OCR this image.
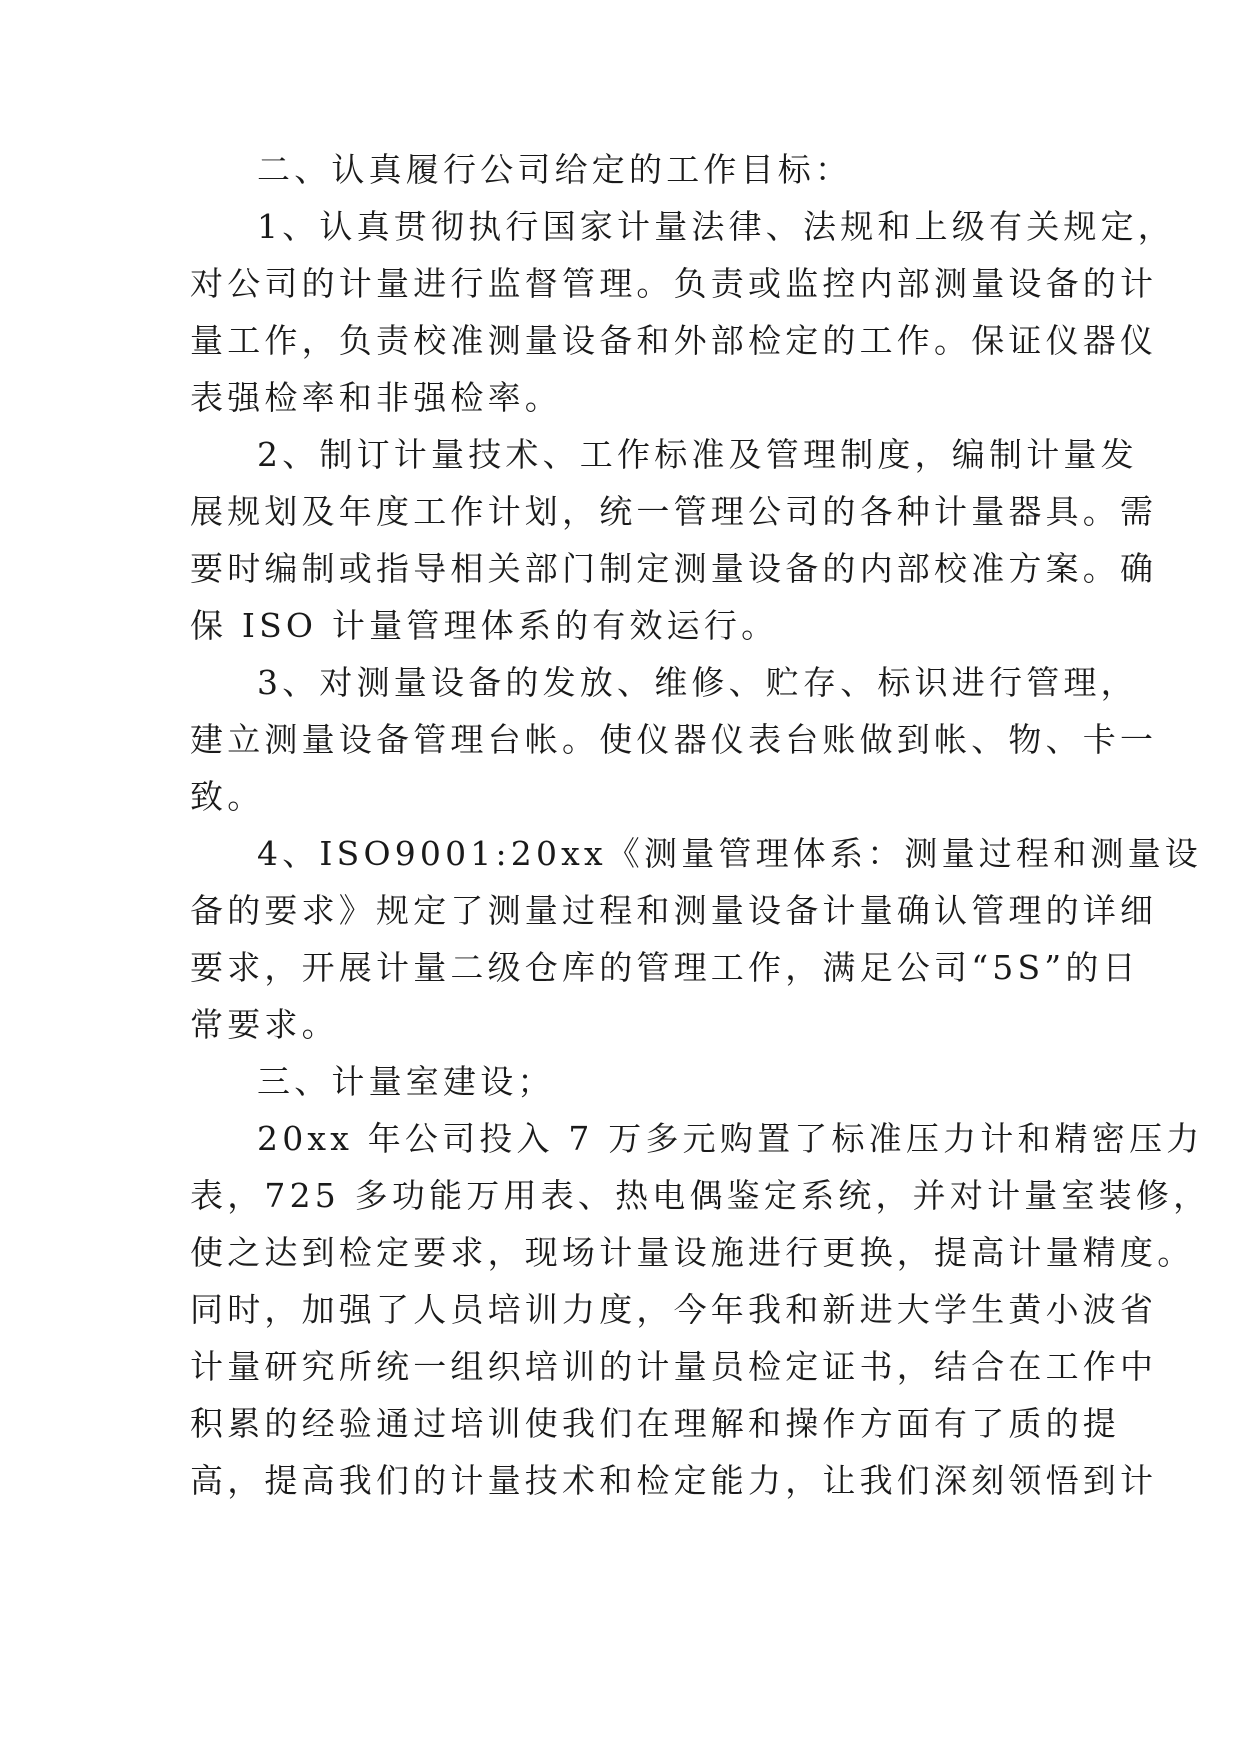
二、认真履行公司给定的工作目标：
1、认真贯彻执行国家计量法律、法规和上级有关规定，
对公司的计量进行监督管理。负责或监控内部测量设备的计
量工作，负责校准测量设备和外部检定的工作。保证仪器仪
表强检率和非强检率。
2、制订计量技术、工作标准及管理制度，编制计量发
展规划及年度工作计划，统一管理公司的各种计量器具。需
要时编制或指导相关部门制定测量设备的内部校准方案。确
保 ISO 计量管理体系的有效运行。
3、对测量设备的发放、维修、贮存、标识进行管理，
建立测量设备管理台帐。使仪器仪表台账做到帐、物、卡一
致。
4、ISO9001:20xx《测量管理体系：测量过程和测量设
备的要求》规定了测量过程和测量设备计量确认管理的详细
要求，开展计量二级仓库的管理工作，满足公司“5S”的日
常要求。
三、计量室建设；
20xx 年公司投入 7 万多元购置了标准压力计和精密压力
表，725 多功能万用表、热电偶鉴定系统，并对计量室装修，
使之达到检定要求，现场计量设施进行更换，提高计量精度。
同时，加强了人员培训力度，今年我和新进大学生黄小波省
计量研究所统一组织培训的计量员检定证书，结合在工作中
积累的经验通过培训使我们在理解和操作方面有了质的提
高，提高我们的计量技术和检定能力，让我们深刻领悟到计
